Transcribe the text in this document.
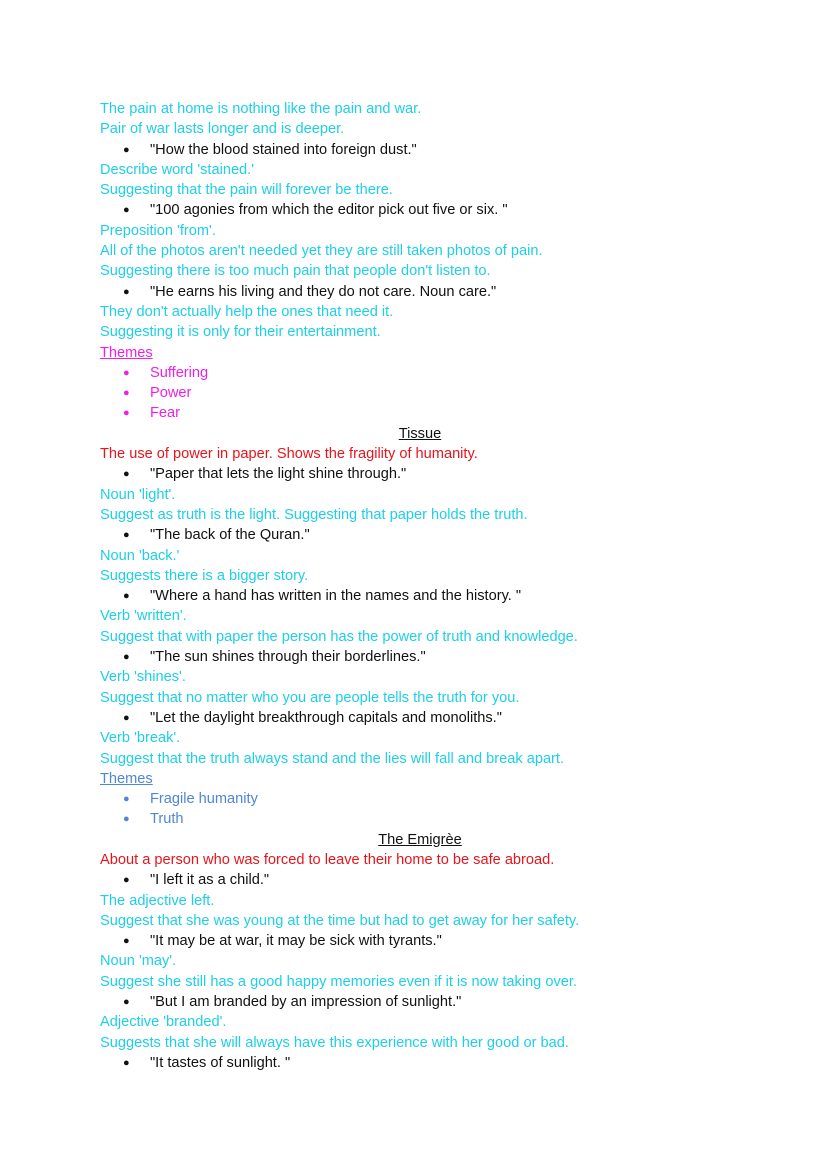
The pain at home is nothing like the pain and war.
Pair of war lasts longer and is deeper.
● "How the blood stained into foreign dust."
Describe word 'stained.'
Suggesting that the pain will forever be there.
● "100 agonies from which the editor pick out five or six. "
Preposition 'from'.
All of the photos aren't needed yet they are still taken photos of pain.
Suggesting there is too much pain that people don't listen to.
● "He earns his living and they do not care. Noun care."
They don't actually help the ones that need it.
Suggesting it is only for their entertainment.
Themes
● Suffering
● Power
● Fear
Tissue
The use of power in paper. Shows the fragility of humanity.
● "Paper that lets the light shine through."
Noun 'light'.
Suggest as truth is the light. Suggesting that paper holds the truth.
● "The back of the Quran."
Noun 'back.'
Suggests there is a bigger story.
● "Where a hand has written in the names and the history. "
Verb 'written'.
Suggest that with paper the person has the power of truth and knowledge.
● "The sun shines through their borderlines."
Verb 'shines'.
Suggest that no matter who you are people tells the truth for you.
● "Let the daylight breakthrough capitals and monoliths."
Verb 'break'.
Suggest that the truth always stand and the lies will fall and break apart.
Themes
● Fragile humanity
● Truth
The Emigrèe
About a person who was forced to leave their home to be safe abroad.
● "I left it as a child."
The adjective left.
Suggest that she was young at the time but had to get away for her safety.
● "It may be at war, it may be sick with tyrants."
Noun 'may'.
Suggest she still has a good happy memories even if it is now taking over.
● "But I am branded by an impression of sunlight."
Adjective 'branded'.
Suggests that she will always have this experience with her good or bad.
● "It tastes of sunlight. "
